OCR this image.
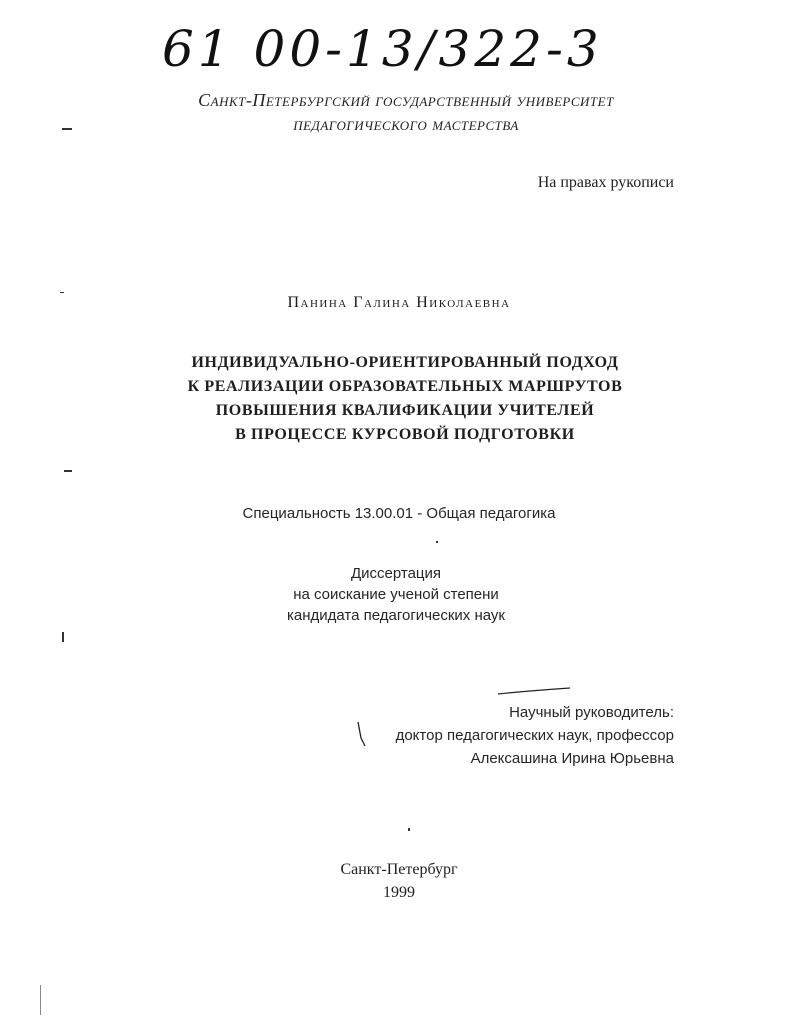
61 00-13/322-3
Санкт-Петербургский государственный университет
педагогического мастерства
На правах рукописи
Панина Галина Николаевна
ИНДИВИДУАЛЬНО-ОРИЕНТИРОВАННЫЙ ПОДХОД
К РЕАЛИЗАЦИИ ОБРАЗОВАТЕЛЬНЫХ МАРШРУТОВ
ПОВЫШЕНИЯ КВАЛИФИКАЦИИ УЧИТЕЛЕЙ
В ПРОЦЕССЕ КУРСОВОЙ ПОДГОТОВКИ
Специальность 13.00.01 - Общая педагогика
Диссертация
на соискание ученой степени
кандидата педагогических наук
Научный руководитель:
доктор педагогических наук, профессор
Алексашина Ирина Юрьевна
Санкт-Петербург
1999
